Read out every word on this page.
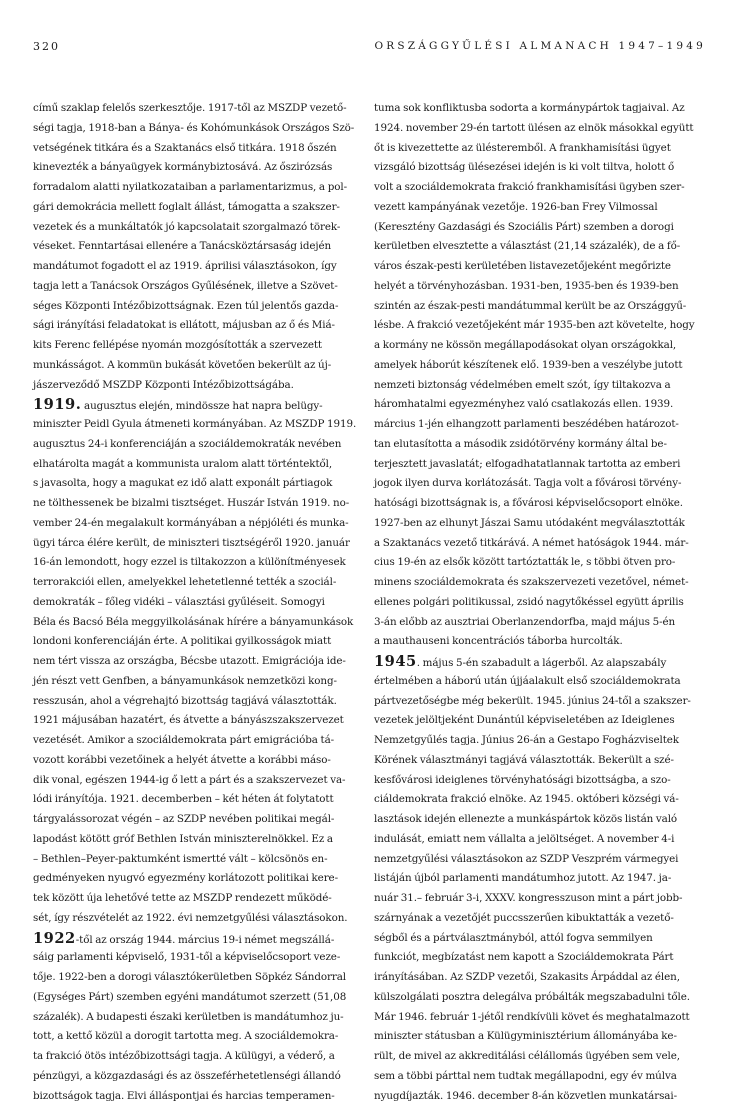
320	ORSZÁGGYŰLÉSI ALMANACH 1947–1949
című szaklap felelős szerkesztője. 1917-től az MSZDP vezető-
ségi tagja, 1918-ban a Bánya- és Kohómunkások Országos Szö-
vetségének titkára és a Szaktanács első titkára. 1918 őszén
kinevezték a bányaügyek kormánybiztosává. Az őszirózsás
forradalom alatti nyilatkozataiban a parlamentarizmus, a pol-
gári demokrácia mellett foglalt állást, támogatta a szakszer-
vezetek és a munkáltatók jó kapcsolatait szorgalmazó törek-
véseket. Fenntartásai ellenére a Tanácsköztársaság idején
mandátumot fogadott el az 1919. áprilisi választásokon, így
tagja lett a Tanácsok Országos Gyűlésének, illetve a Szövet-
séges Központi Intézőbizottságnak. Ezen túl jelentős gazda-
sági irányítási feladatokat is ellátott, májusban az ő és Miá-
kits Ferenc fellépése nyomán mozgósították a szervezett
munkásságot. A kommün bukását követően bekerült az új-
jászerveződő MSZDP Központi Intézőbizottságába.
1919. augusztus elején, mindössze hat napra belügy-
miniszter Peidl Gyula átmeneti kormányában. Az MSZDP 1919.
augusztus 24-i konferenciáján a szociáldemokraták nevében
elhatárolta magát a kommunista uralom alatt történtektől,
s javasolta, hogy a magukat ez idő alatt exponált pártiagok
ne tölthessenek be bizalmi tisztséget. Huszár István 1919. no-
vember 24-én megalakult kormányában a népjóléti és munka-
ügyi tárca élére került, de miniszteri tisztségéről 1920. január
16-án lemondott, hogy ezzel is tiltakozzon a különítményesek
terrorakciói ellen, amelyekkel lehetetlenné tették a szociál-
demokraták – főleg vidéki – választási gyűléseit. Somogyi
Béla és Bacsó Béla meggyilkolásának hírére a bányamunkások
londoni konferenciáján érte. A politikai gyilkosságok miatt
nem tért vissza az országba, Bécsbe utazott. Emigrációja ide-
jén részt vett Genfben, a bányamunkások nemzetközi kong-
resszusán, ahol a végrehajtó bizottság tagjává választották.
1921 májusában hazatért, és átvette a bányászszakszervezet
vezetését. Amikor a szociáldemokrata párt emigrációba tá-
vozott korábbi vezetőinek a helyét átvette a korábbi máso-
dik vonal, egészen 1944-ig ő lett a párt és a szakszervezet va-
lódi irányítója. 1921. decemberben – két héten át folytatott
tárgyalássorozat végén – az SZDP nevében politikai megál-
lapodást kötött gróf Bethlen István miniszterelnökkel. Ez a
– Bethlen–Peyer-paktumként ismertté vált – kölcsönös en-
gedményeken nyugvó egyezmény korlátozott politikai kere-
tek között úja lehetővé tette az MSZDP rendezett működé-
sét, így részvételét az 1922. évi nemzetgyűlési választásokon.
1922-től az ország 1944. március 19-i német megszállá-
sáig parlamenti képviselő, 1931-től a képviselőcsoport veze-
tője. 1922-ben a dorogi választókerületben Söpkéz Sándorral
(Egységes Párt) szemben egyéni mandátumot szerzett (51,08
százalék). A budapesti északi kerületben is mandátumhoz ju-
tott, a kettő közül a dorogit tartotta meg. A szociáldemokra-
ta frakció ötös intézőbizottsági tagja. A külügyi, a véderő, a
pénzügyi, a közgazdasági és az összeférhetetlenségi állandó
bizottságok tagja. Elvi álláspontjai és harcias temperamen-
tuma sok konfliktusba sodorta a kormánypártok tagjaival. Az
1924. november 29-én tartott ülésen az elnök másokkal együtt
őt is kivezettette az ülésteremből. A frankhamisítási ügyet
vizsgáló bizottság ülésezései idején is ki volt tiltva, holott ő
volt a szociáldemokrata frakció frankhamisítási ügyben szer-
vezett kampányának vezetője. 1926-ban Frey Vilmossal
(Keresztény Gazdasági és Szociális Párt) szemben a dorogi
kerületben elvesztette a választást (21,14 százalék), de a fő-
város észak-pesti kerületében listavezetőjeként megőrizte
helyét a törvényhozásban. 1931-ben, 1935-ben és 1939-ben
szintén az észak-pesti mandátummal került be az Országgyű-
lésbe. A frakció vezetőjeként már 1935-ben azt követelte, hogy
a kormány ne kössön megállapodásokat olyan országokkal,
amelyek háborút készítenek elő. 1939-ben a veszélybe jutott
nemzeti biztonság védelmében emelt szót, így tiltakozva a
háromhatalmi egyezményhez való csatlakozás ellen. 1939.
március 1-jén elhangzott parlamenti beszédében határozot-
tan elutasította a második zsidótörvény kormány által be-
terjesztett javaslatát; elfogadhatatlannak tartotta az emberi
jogok ilyen durva korlátozását. Tagja volt a fővárosi törvény-
hatósági bizottságnak is, a fővárosi képviselőcsoport elnöke.
1927-ben az elhunyt Jászai Samu utódaként megválasztották
a Szaktanács vezető titkárává. A német hatóságok 1944. már-
cius 19-én az elsők között tartóztatták le, s többi ötven pro-
minens szociáldemokrata és szakszervezeti vezetővel, német-
ellenes polgári politikussal, zsidó nagytőkéssel együtt április
3-án előbb az ausztriai Oberlanzendorfba, majd május 5-én
a mauthauseni koncentrációs táborba hurcolták.
1945. május 5-én szabadult a lágerből. Az alapszabály
értelmében a háború után újjáalakult első szociáldemokrata
pártvezetőségbe még bekerült. 1945. június 24-től a szakszer-
vezetek jelöltjeként Dunántúl képviseletében az Ideiglenes
Nemzetgyűlés tagja. Június 26-án a Gestapo Fogházviseltek
Körének választmányi tagjává választották. Bekerült a szé-
kesfővárosi ideiglenes törvényhatósági bizottságba, a szo-
ciáldemokrata frakció elnöke. Az 1945. októberi községi vá-
lasztások idején ellenezte a munkáspártok közös listán való
indulását, emiatt nem vállalta a jelöltséget. A november 4-i
nemzetgyűlési választásokon az SZDP Veszprém vármegyei
listáján újból parlamenti mandátumhoz jutott. Az 1947. ja-
nuár 31.– február 3-i, XXXV. kongresszuson mint a párt jobb-
szárnyának a vezetőjét puccsszerűen kibuktatták a vezető-
ségből és a pártválasztmányból, attól fogva semmilyen
funkciót, megbízatást nem kapott a Szociáldemokrata Párt
irányításában. Az SZDP vezetői, Szakasits Árpáddal az élen,
külszolgálati posztra delegálva próbálták megszabadulni tőle.
Már 1946. február 1-jétől rendkívüli követ és meghatalmazott
miniszter státusban a Külügyminisztérium állományába ke-
rült, de mivel az akkreditálási célállomás ügyében sem vele,
sem a többi párttal nem tudtak megállapodni, egy év múlva
nyugdíjazták. 1946. december 8-án közvetlen munkatársai-
